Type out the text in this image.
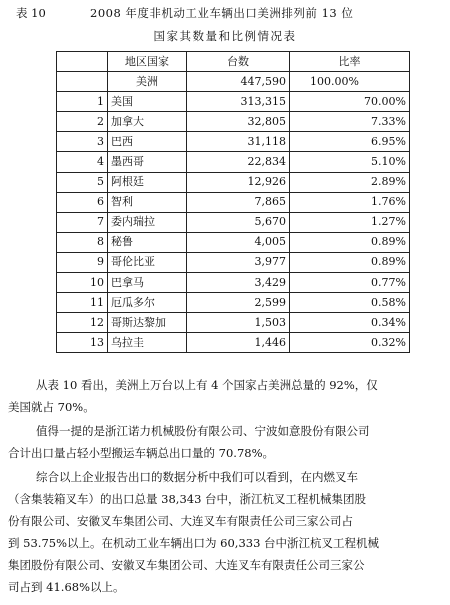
表 10	2008 年度非机动工业车辆出口美洲排列前 13 位
国家其数量和比例情况表
	地区国家	台数	比率
	美洲	447,590	100.00%
1	美国	313,315	70.00%
2	加拿大	32,805	7.33%
3	巴西	31,118	6.95%
4	墨西哥	22,834	5.10%
5	阿根廷	12,926	2.89%
6	智利	7,865	1.76%
7	委内瑞拉	5,670	1.27%
8	秘鲁	4,005	0.89%
9	哥伦比亚	3,977	0.89%
10	巴拿马	3,429	0.77%
11	厄瓜多尔	2,599	0.58%
12	哥斯达黎加	1,503	0.34%
13	乌拉圭	1,446	0.32%
从表 10 看出，美洲上万台以上有 4 个国家占美洲总量的 92%，仅
美国就占 70%。
值得一提的是浙江诺力机械股份有限公司、宁波如意股份有限公司
合计出口量占轻小型搬运车辆总出口量的 70.78%。
综合以上企业报告出口的数据分析中我们可以看到，在内燃叉车
（含集装箱叉车）的出口总量 38,343 台中，浙江杭叉工程机械集团股
份有限公司、安徽叉车集团公司、大连叉车有限责任公司三家公司占
到 53.75%以上。在机动工业车辆出口为 60,333 台中浙江杭叉工程机械
集团股份有限公司、安徽叉车集团公司、大连叉车有限责任公司三家公
司占到 41.68%以上。
